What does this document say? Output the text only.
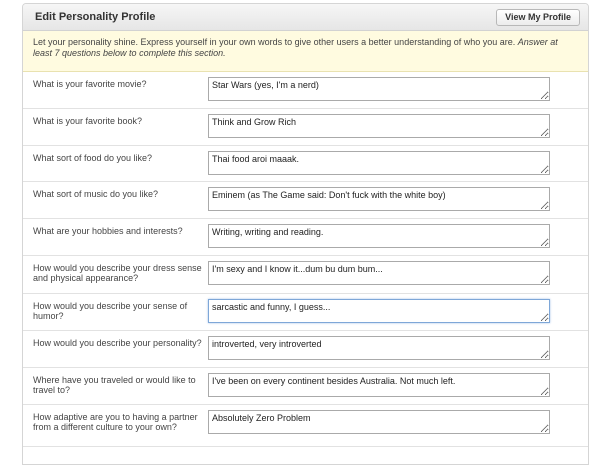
Edit Personality Profile	View My Profile
Let your personality shine. Express yourself in your own words to give other users a better understanding of who you are. Answer at least 7 questions below to complete this section.
What is your favorite movie?
Star Wars (yes, I'm a nerd)
What is your favorite book?
Think and Grow Rich
What sort of food do you like?
Thai food aroi maaak.
What sort of music do you like?
Eminem (as The Game said: Don't fuck with the white boy)
What are your hobbies and interests?
Writing, writing and reading.
How would you describe your dress sense and physical appearance?
I'm sexy and I know it...dum bu dum bum...
How would you describe your sense of humor?
sarcastic and funny, I guess...
How would you describe your personality?
introverted, very introverted
Where have you traveled or would like to travel to?
I've been on every continent besides Australia. Not much left.
How adaptive are you to having a partner from a different culture to your own?
Absolutely Zero Problem
